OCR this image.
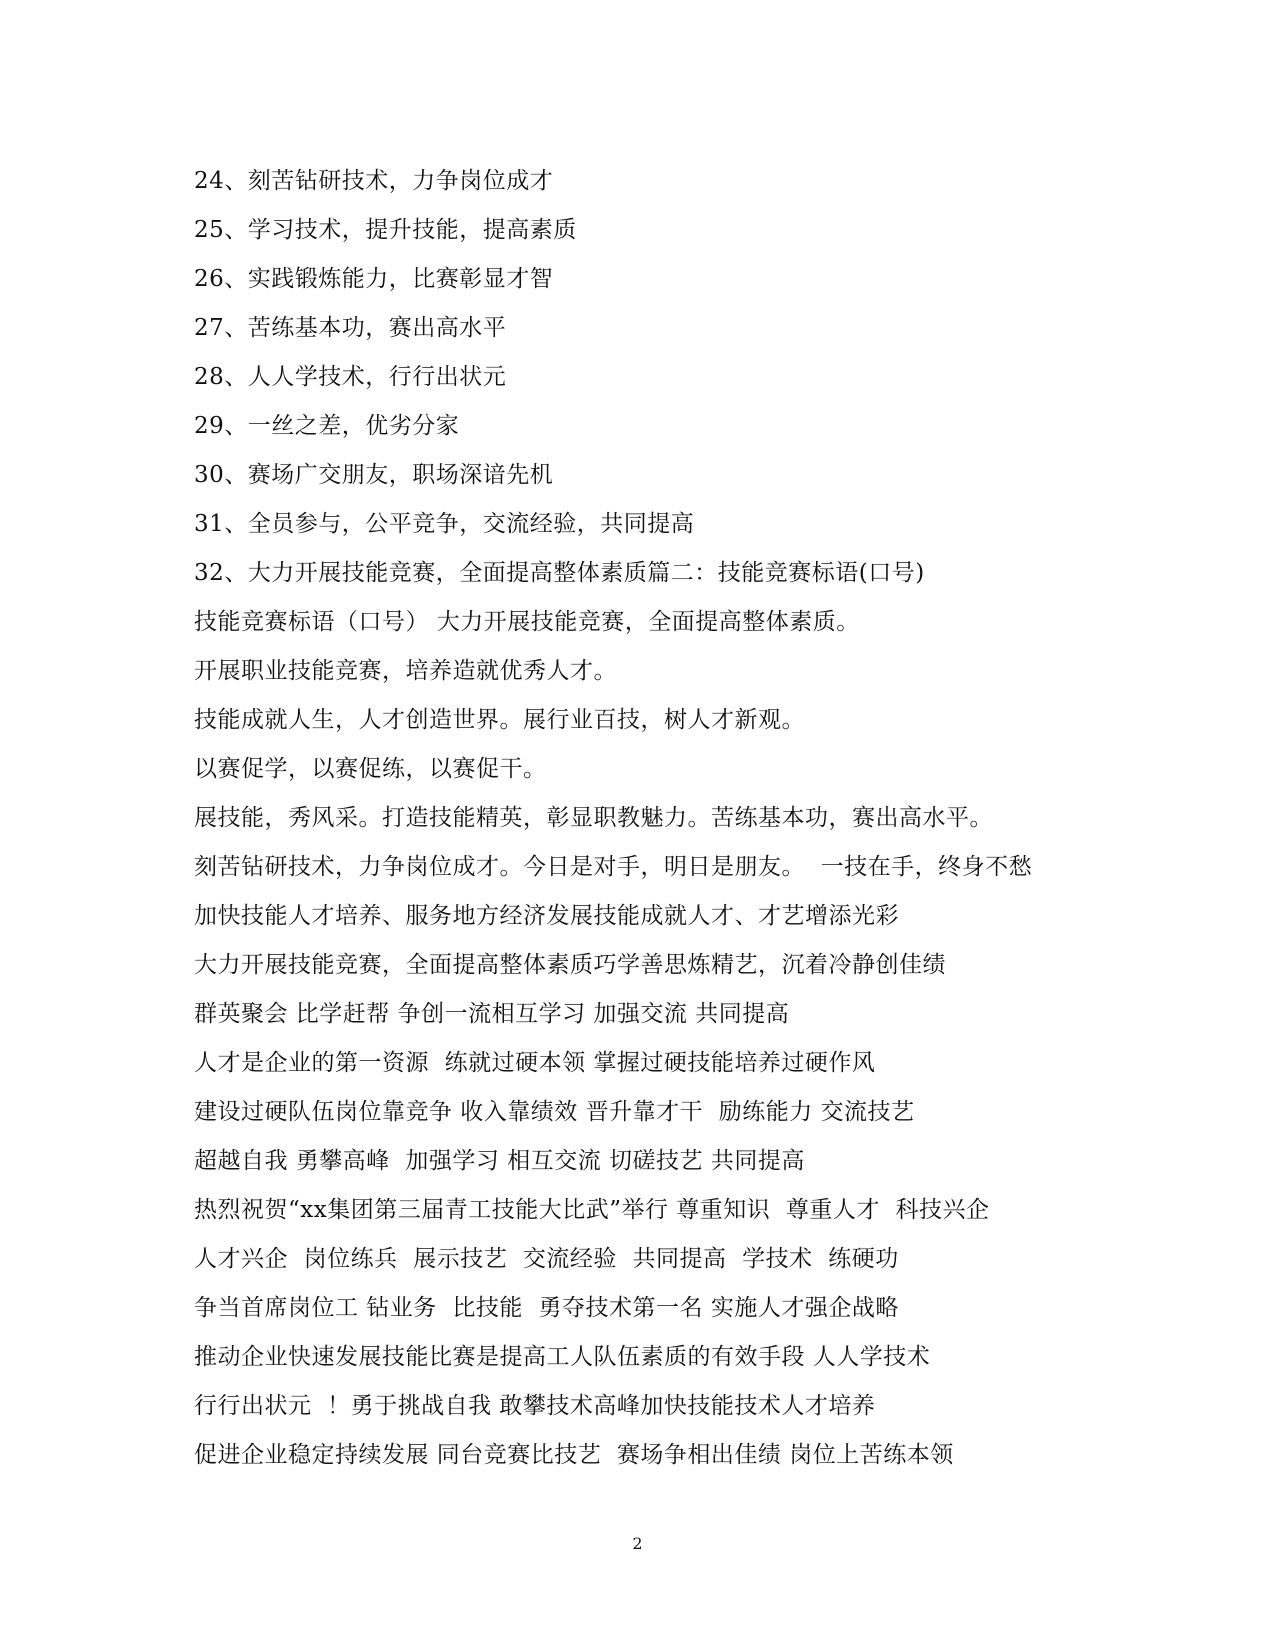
24、刻苦钻研技术，力争岗位成才
25、学习技术，提升技能，提高素质
26、实践锻炼能力，比赛彰显才智
27、苦练基本功，赛出高水平
28、人人学技术，行行出状元
29、一丝之差，优劣分家
30、赛场广交朋友，职场深谙先机
31、全员参与，公平竞争，交流经验，共同提高
32、大力开展技能竞赛，全面提高整体素质篇二：技能竞赛标语(口号)
技能竞赛标语（口号） 大力开展技能竞赛，全面提高整体素质。
开展职业技能竞赛，培养造就优秀人才。
技能成就人生，人才创造世界。展行业百技，树人才新观。
以赛促学，以赛促练，以赛促干。
展技能，秀风采。打造技能精英，彰显职教魅力。苦练基本功，赛出高水平。
刻苦钻研技术，力争岗位成才。今日是对手，明日是朋友。  一技在手，终身不愁
加快技能人才培养、服务地方经济发展技能成就人才、才艺增添光彩
大力开展技能竞赛，全面提高整体素质巧学善思炼精艺，沉着冷静创佳绩
群英聚会 比学赶帮 争创一流相互学习 加强交流 共同提高
人才是企业的第一资源  练就过硬本领 掌握过硬技能培养过硬作风
建设过硬队伍岗位靠竞争 收入靠绩效 晋升靠才干  励练能力 交流技艺
超越自我 勇攀高峰  加强学习 相互交流 切磋技艺 共同提高
热烈祝贺“xx集团第三届青工技能大比武”举行 尊重知识  尊重人才  科技兴企
人才兴企  岗位练兵  展示技艺  交流经验  共同提高  学技术  练硬功
争当首席岗位工 钻业务  比技能  勇夺技术第一名 实施人才强企战略
推动企业快速发展技能比赛是提高工人队伍素质的有效手段 人人学技术
行行出状元  ！勇于挑战自我 敢攀技术高峰加快技能技术人才培养
促进企业稳定持续发展 同台竞赛比技艺  赛场争相出佳绩 岗位上苦练本领
2
